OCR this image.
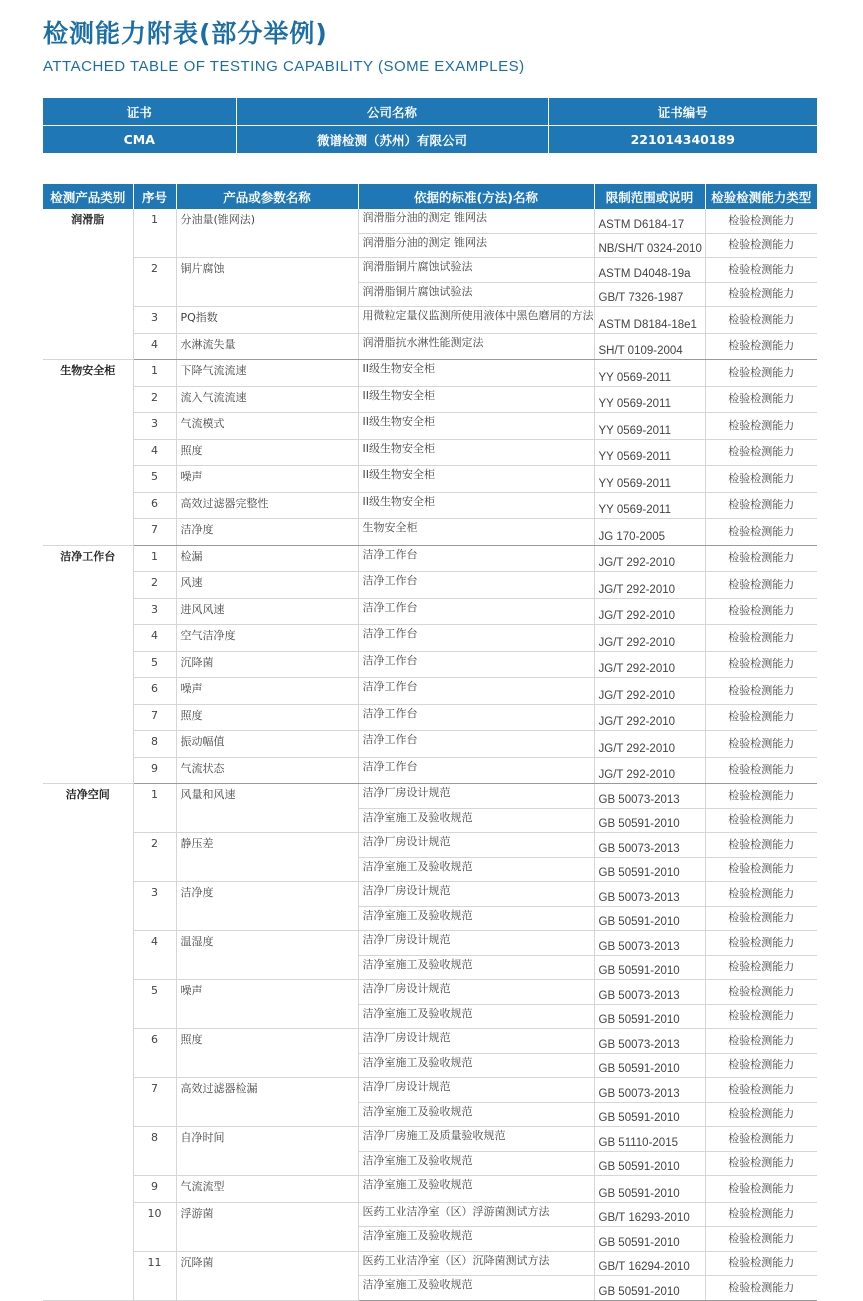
检测能力附表(部分举例)

ATTACHED TABLE OF TESTING CAPABILITY (SOME EXAMPLES)

证书	公司名称	证书编号
CMA	微谱检测（苏州）有限公司	221014340189
检测产品类别	序号	产品或参数名称	依据的标准(方法)名称	限制范围或说明	检验检测能力类型
润滑脂	1	分油量(锥网法)	润滑脂分油的测定 锥网法	ASTM D6184-17	检验检测能力
			润滑脂分油的测定 锥网法	NB/SH/T 0324-2010	检验检测能力
	2	铜片腐蚀	润滑脂铜片腐蚀试验法	ASTM D4048-19a	检验检测能力
			润滑脂铜片腐蚀试验法	GB/T 7326-1987	检验检测能力
	3	PQ指数	用微粒定量仪监测所使用液体中黑色磨屑的方法	ASTM D8184-18e1	检验检测能力
	4	水淋流失量	润滑脂抗水淋性能测定法	SH/T 0109-2004	检验检测能力
生物安全柜	1	下降气流流速	II级生物安全柜	YY 0569-2011	检验检测能力
	2	流入气流流速	II级生物安全柜	YY 0569-2011	检验检测能力
	3	气流模式	II级生物安全柜	YY 0569-2011	检验检测能力
	4	照度	II级生物安全柜	YY 0569-2011	检验检测能力
	5	噪声	II级生物安全柜	YY 0569-2011	检验检测能力
	6	高效过滤器完整性	II级生物安全柜	YY 0569-2011	检验检测能力
	7	洁净度	生物安全柜	JG 170-2005	检验检测能力
洁净工作台	1	检漏	洁净工作台	JG/T 292-2010	检验检测能力
	2	风速	洁净工作台	JG/T 292-2010	检验检测能力
	3	进风风速	洁净工作台	JG/T 292-2010	检验检测能力
	4	空气洁净度	洁净工作台	JG/T 292-2010	检验检测能力
	5	沉降菌	洁净工作台	JG/T 292-2010	检验检测能力
	6	噪声	洁净工作台	JG/T 292-2010	检验检测能力
	7	照度	洁净工作台	JG/T 292-2010	检验检测能力
	8	振动幅值	洁净工作台	JG/T 292-2010	检验检测能力
	9	气流状态	洁净工作台	JG/T 292-2010	检验检测能力
洁净空间	1	风量和风速	洁净厂房设计规范	GB 50073-2013	检验检测能力
			洁净室施工及验收规范	GB 50591-2010	检验检测能力
	2	静压差	洁净厂房设计规范	GB 50073-2013	检验检测能力
			洁净室施工及验收规范	GB 50591-2010	检验检测能力
	3	洁净度	洁净厂房设计规范	GB 50073-2013	检验检测能力
			洁净室施工及验收规范	GB 50591-2010	检验检测能力
	4	温湿度	洁净厂房设计规范	GB 50073-2013	检验检测能力
			洁净室施工及验收规范	GB 50591-2010	检验检测能力
	5	噪声	洁净厂房设计规范	GB 50073-2013	检验检测能力
			洁净室施工及验收规范	GB 50591-2010	检验检测能力
	6	照度	洁净厂房设计规范	GB 50073-2013	检验检测能力
			洁净室施工及验收规范	GB 50591-2010	检验检测能力
	7	高效过滤器检漏	洁净厂房设计规范	GB 50073-2013	检验检测能力
			洁净室施工及验收规范	GB 50591-2010	检验检测能力
	8	自净时间	洁净厂房施工及质量验收规范	GB 51110-2015	检验检测能力
			洁净室施工及验收规范	GB 50591-2010	检验检测能力
	9	气流流型	洁净室施工及验收规范	GB 50591-2010	检验检测能力
	10	浮游菌	医药工业洁净室（区）浮游菌测试方法	GB/T 16293-2010	检验检测能力
			洁净室施工及验收规范	GB 50591-2010	检验检测能力
	11	沉降菌	医药工业洁净室（区）沉降菌测试方法	GB/T 16294-2010	检验检测能力
			洁净室施工及验收规范	GB 50591-2010	检验检测能力
